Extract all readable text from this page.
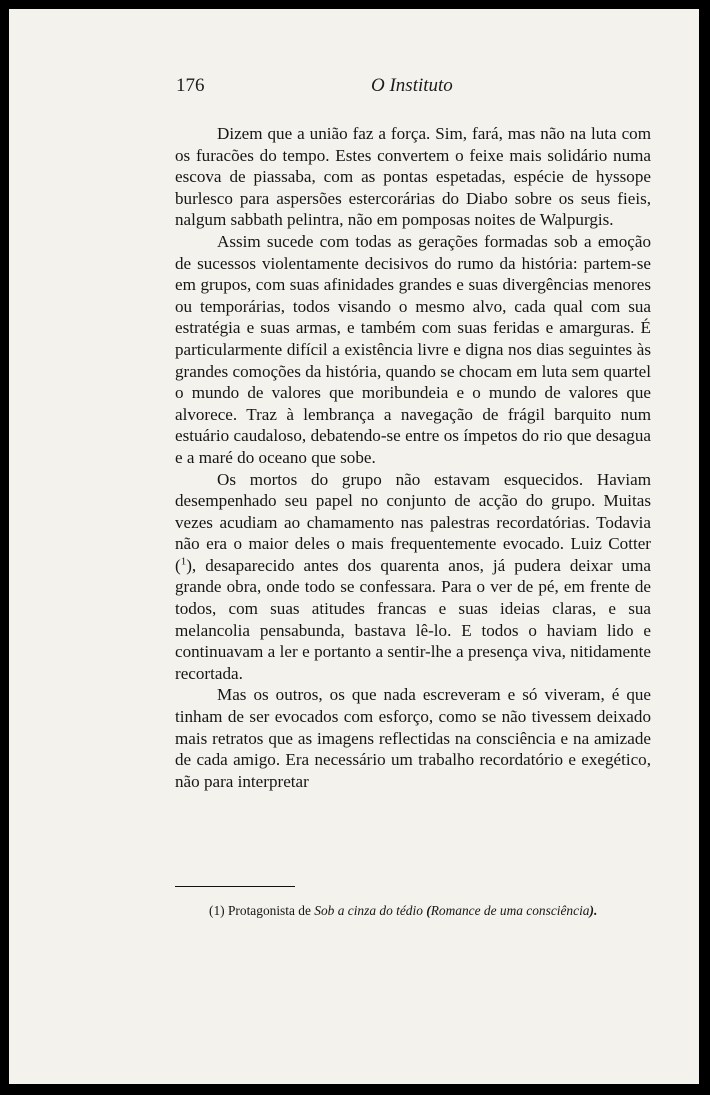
176	O Instituto

Dizem que a união faz a força. Sim, fará, mas não na luta com os furacões do tempo. Estes convertem o feixe mais solidário numa escova de piassaba, com as pontas espetadas, espécie de hyssope burlesco para aspersões estercorárias do Diabo sobre os seus fieis, nalgum sabbath pelintra, não em pomposas noites de Walpurgis.

Assim sucede com todas as gerações formadas sob a emoção de sucessos violentamente decisivos do rumo da história: partem-se em grupos, com suas afinidades grandes e suas divergências menores ou temporárias, todos visando o mesmo alvo, cada qual com sua estratégia e suas armas, e também com suas feridas e amarguras. É particularmente difícil a existência livre e digna nos dias seguintes às grandes comoções da história, quando se chocam em luta sem quartel o mundo de valores que moribundeia e o mundo de valores que alvorece. Traz à lembrança a navegação de frágil barquito num estuário caudaloso, debatendo-se entre os ímpetos do rio que desagua e a maré do oceano que sobe.

Os mortos do grupo não estavam esquecidos. Haviam desempenhado seu papel no conjunto de acção do grupo. Muitas vezes acudiam ao chamamento nas palestras recordatórias. Todavia não era o maior deles o mais frequentemente evocado. Luiz Cotter ($^1$), desaparecido antes dos quarenta anos, já pudera deixar uma grande obra, onde todo se confessara. Para o ver de pé, em frente de todos, com suas atitudes francas e suas ideias claras, e sua melancolia pensabunda, bastava lê-lo. E todos o haviam lido e continuavam a ler e portanto a sentir-lhe a presença viva, nitidamente recortada.

Mas os outros, os que nada escreveram e só viveram, é que tinham de ser evocados com esforço, como se não tivessem deixado mais retratos que as imagens reflectidas na consciência e na amizade de cada amigo. Era necessário um trabalho recordatório e exegético, não para interpretar

(1) Protagonista de Sob a cinza do tédio (Romance de uma consciência).
